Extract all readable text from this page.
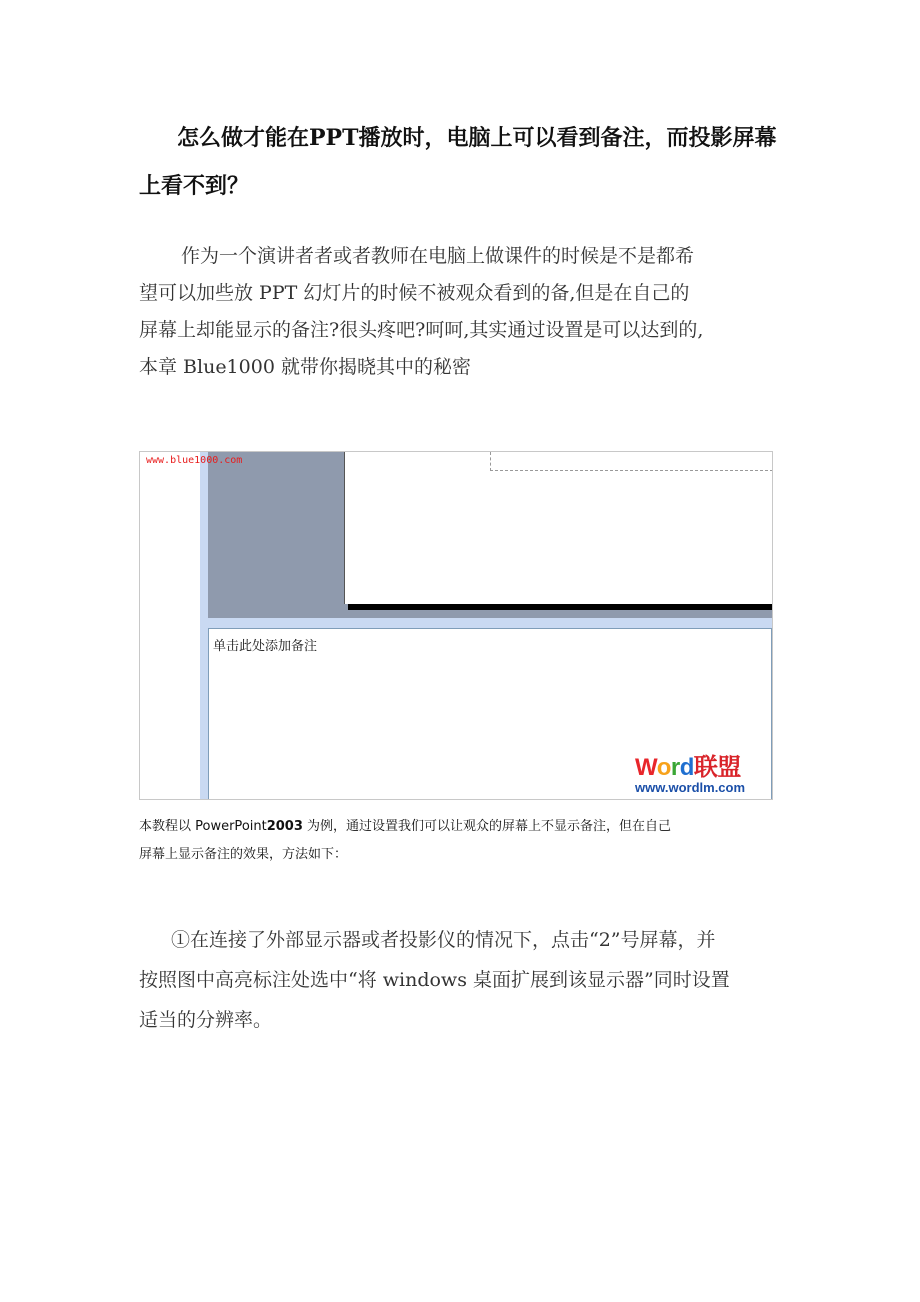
怎么做才能在PPT播放时，电脑上可以看到备注，而投影屏幕上看不到？

作为一个演讲者者或者教师在电脑上做课件的时候是不是都希
望可以加些放 PPT 幻灯片的时候不被观众看到的备,但是在自己的
屏幕上却能显示的备注?很头疼吧?呵呵,其实通过设置是可以达到的,
本章 Blue1000 就带你揭晓其中的秘密

单击此处添加备注
Word联盟
www.wordlm.com
www.blue1000.com

本教程以 PowerPoint2003 为例，通过设置我们可以让观众的屏幕上不显示备注，但在自己
屏幕上显示备注的效果，方法如下：

①在连接了外部显示器或者投影仪的情况下，点击“2”号屏幕，并
按照图中高亮标注处选中“将 windows 桌面扩展到该显示器”同时设置
适当的分辨率。
